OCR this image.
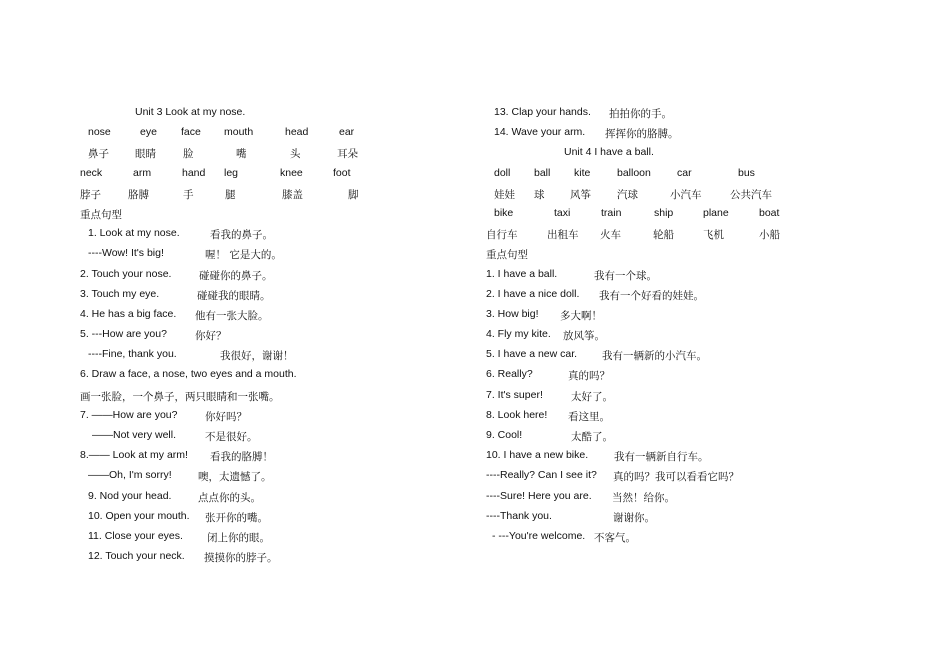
Unit 3 Look at my nose.
nose	eye face mouth	head	ear
鼻子 眼睛	脸	嘴	头	耳朵
neck	arm	hand leg	knee	foot
脖子	胳膊	手	腿	膝盖	脚
重点句型
1. Look at my nose.	看我的鼻子。
----Wow! It's big!	喔！ 它是大的。
2. Touch your nose.	碰碰你的鼻子。
3. Touch my eye.	碰碰我的眼睛。
4. He has a big face. 他有一张大脸。
5. ---How are you?	你好？
----Fine, thank you.	我很好，谢谢！
6. Draw a face, a nose, two eyes and a mouth.
画一张脸，一个鼻子，两只眼睛和一张嘴。
7. ——How are you?	你好吗？
——Not very well.	不是很好。
8.—— Look at my arm! 看我的胳膊！
——Oh, I'm sorry!	噢，太遗憾了。
9. Nod your head.	点点你的头。
10. Open your mouth. 张开你的嘴。
11. Close your eyes. 闭上你的眼。
12. Touch your neck. 摸摸你的脖子。
13. Clap your hands. 拍拍你的手。
14. Wave your arm. 挥挥你的胳膊。
Unit 4 I have a ball.
doll ball kite	balloon car	bus
娃娃 球 风筝 汽球	小汽车	公共汽车
bike	taxi	train	ship	plane	boat
自行车	出租车 火车	轮船	飞机	小船
重点句型
1. I have a ball.	我有一个球。
2. I have a nice doll. 我有一个好看的娃娃。
3. How big! 多大啊！
4. Fly my kite. 放风筝。
5. I have a new car. 我有一辆新的小汽车。
6. Really?	真的吗？
7. It's super!	太好了。
8. Look here! 看这里。
9. Cool!	太酷了。
10. I have a new bike. 我有一辆新自行车。
----Really? Can I see it? 真的吗？我可以看看它吗？
----Sure! Here you are. 当然！给你。
----Thank you.	谢谢你。
- ---You're welcome. 不客气。
